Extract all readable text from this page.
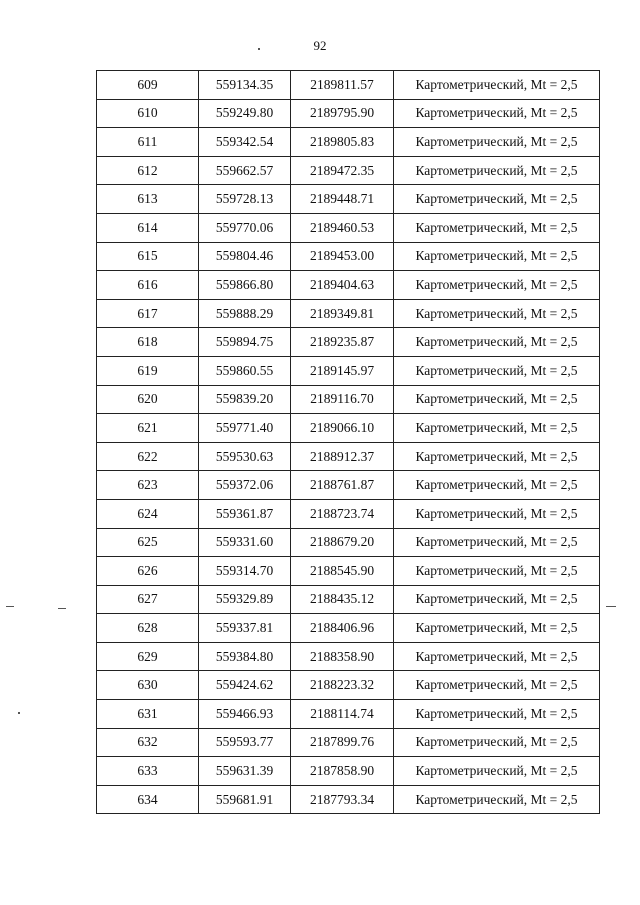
92
609	559134.35	2189811.57	Картометрический, Mt = 2,5
610	559249.80	2189795.90	Картометрический, Mt = 2,5
611	559342.54	2189805.83	Картометрический, Mt = 2,5
612	559662.57	2189472.35	Картометрический, Mt = 2,5
613	559728.13	2189448.71	Картометрический, Mt = 2,5
614	559770.06	2189460.53	Картометрический, Mt = 2,5
615	559804.46	2189453.00	Картометрический, Mt = 2,5
616	559866.80	2189404.63	Картометрический, Mt = 2,5
617	559888.29	2189349.81	Картометрический, Mt = 2,5
618	559894.75	2189235.87	Картометрический, Mt = 2,5
619	559860.55	2189145.97	Картометрический, Mt = 2,5
620	559839.20	2189116.70	Картометрический, Mt = 2,5
621	559771.40	2189066.10	Картометрический, Mt = 2,5
622	559530.63	2188912.37	Картометрический, Mt = 2,5
623	559372.06	2188761.87	Картометрический, Mt = 2,5
624	559361.87	2188723.74	Картометрический, Mt = 2,5
625	559331.60	2188679.20	Картометрический, Mt = 2,5
626	559314.70	2188545.90	Картометрический, Mt = 2,5
627	559329.89	2188435.12	Картометрический, Mt = 2,5
628	559337.81	2188406.96	Картометрический, Mt = 2,5
629	559384.80	2188358.90	Картометрический, Mt = 2,5
630	559424.62	2188223.32	Картометрический, Mt = 2,5
631	559466.93	2188114.74	Картометрический, Mt = 2,5
632	559593.77	2187899.76	Картометрический, Mt = 2,5
633	559631.39	2187858.90	Картометрический, Mt = 2,5
634	559681.91	2187793.34	Картометрический, Mt = 2,5
